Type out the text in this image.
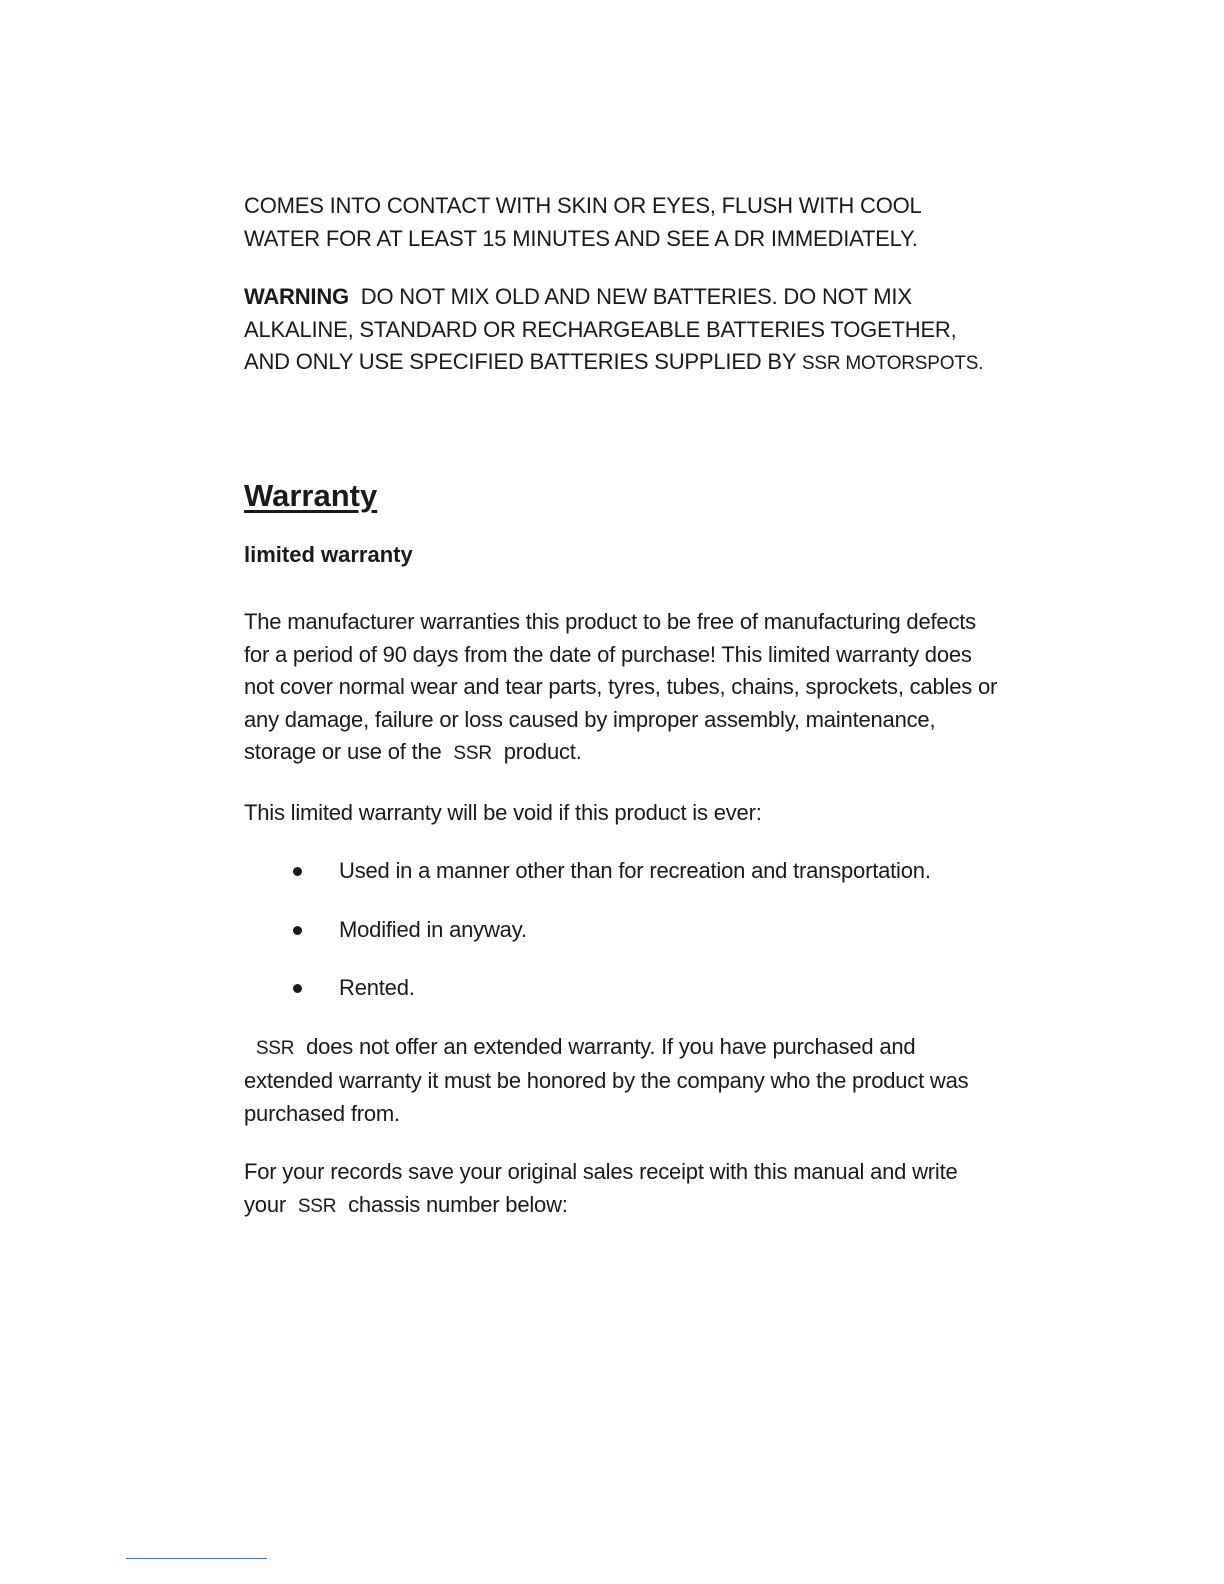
COMES INTO CONTACT WITH SKIN OR EYES, FLUSH WITH COOL
WATER FOR AT LEAST 15 MINUTES AND SEE A DR IMMEDIATELY.

WARNING DO NOT MIX OLD AND NEW BATTERIES. DO NOT MIX
ALKALINE, STANDARD OR RECHARGEABLE BATTERIES TOGETHER,
AND ONLY USE SPECIFIED BATTERIES SUPPLIED BY SSR MOTORSPOTS.

Warranty
limited warranty

The manufacturer warranties this product to be free of manufacturing defects for a period of 90 days from the date of purchase! This limited warranty does not cover normal wear and tear parts, tyres, tubes, chains, sprockets, cables or any damage, failure or loss caused by improper assembly, maintenance, storage or use of the SSR product.

This limited warranty will be void if this product is ever:

Used in a manner other than for recreation and transportation.
Modified in anyway.
Rented.

SSR does not offer an extended warranty. If you have purchased and extended warranty it must be honored by the company who the product was purchased from.

For your records save your original sales receipt with this manual and write your SSR chassis number below:
